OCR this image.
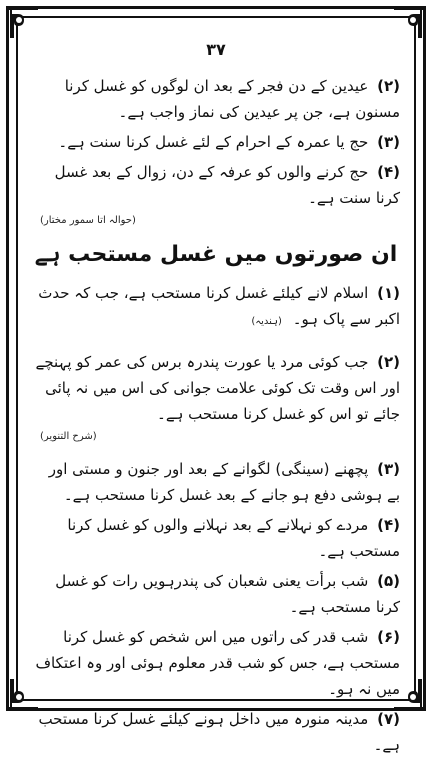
۳۷

(۲) عیدین کے دن فجر کے بعد ان لوگوں کو غسل کرنا مسنون ہے، جن پر عیدین کی نماز واجب ہے۔

(۳) حج یا عمرہ کے احرام کے لئے غسل کرنا سنت ہے۔

(۴) حج کرنے والوں کو عرفہ کے دن، زوال کے بعد غسل کرنا سنت ہے۔

(حوالہ اتا سمور مختار)
ان صورتوں میں غسل مستحب ہے

(۱) اسلام لانے کیلئے غسل کرنا مستحب ہے، جب کہ حدث اکبر سے پاک ہو۔ (ہندیہ)

(۲) جب کوئی مرد یا عورت پندرہ برس کی عمر کو پہنچے اور اس وقت تک کوئی علامت جوانی کی اس میں نہ پائی جائے تو اس کو غسل کرنا مستحب ہے۔

(شرح التنویر)

(۳) پچھنے (سینگی) لگوانے کے بعد اور جنون و مستی اور بے ہوشی دفع ہو جانے کے بعد غسل کرنا مستحب ہے۔

(۴) مردے کو نہلانے کے بعد نہلانے والوں کو غسل کرنا مستحب ہے۔

(۵) شب برأت یعنی شعبان کی پندرہویں رات کو غسل کرنا مستحب ہے۔

(۶) شب قدر کی راتوں میں اس شخص کو غسل کرنا مستحب ہے، جس کو شب قدر معلوم ہوئی اور وہ اعتکاف میں نہ ہو۔

(۷) مدینہ منورہ میں داخل ہونے کیلئے غسل کرنا مستحب ہے۔
